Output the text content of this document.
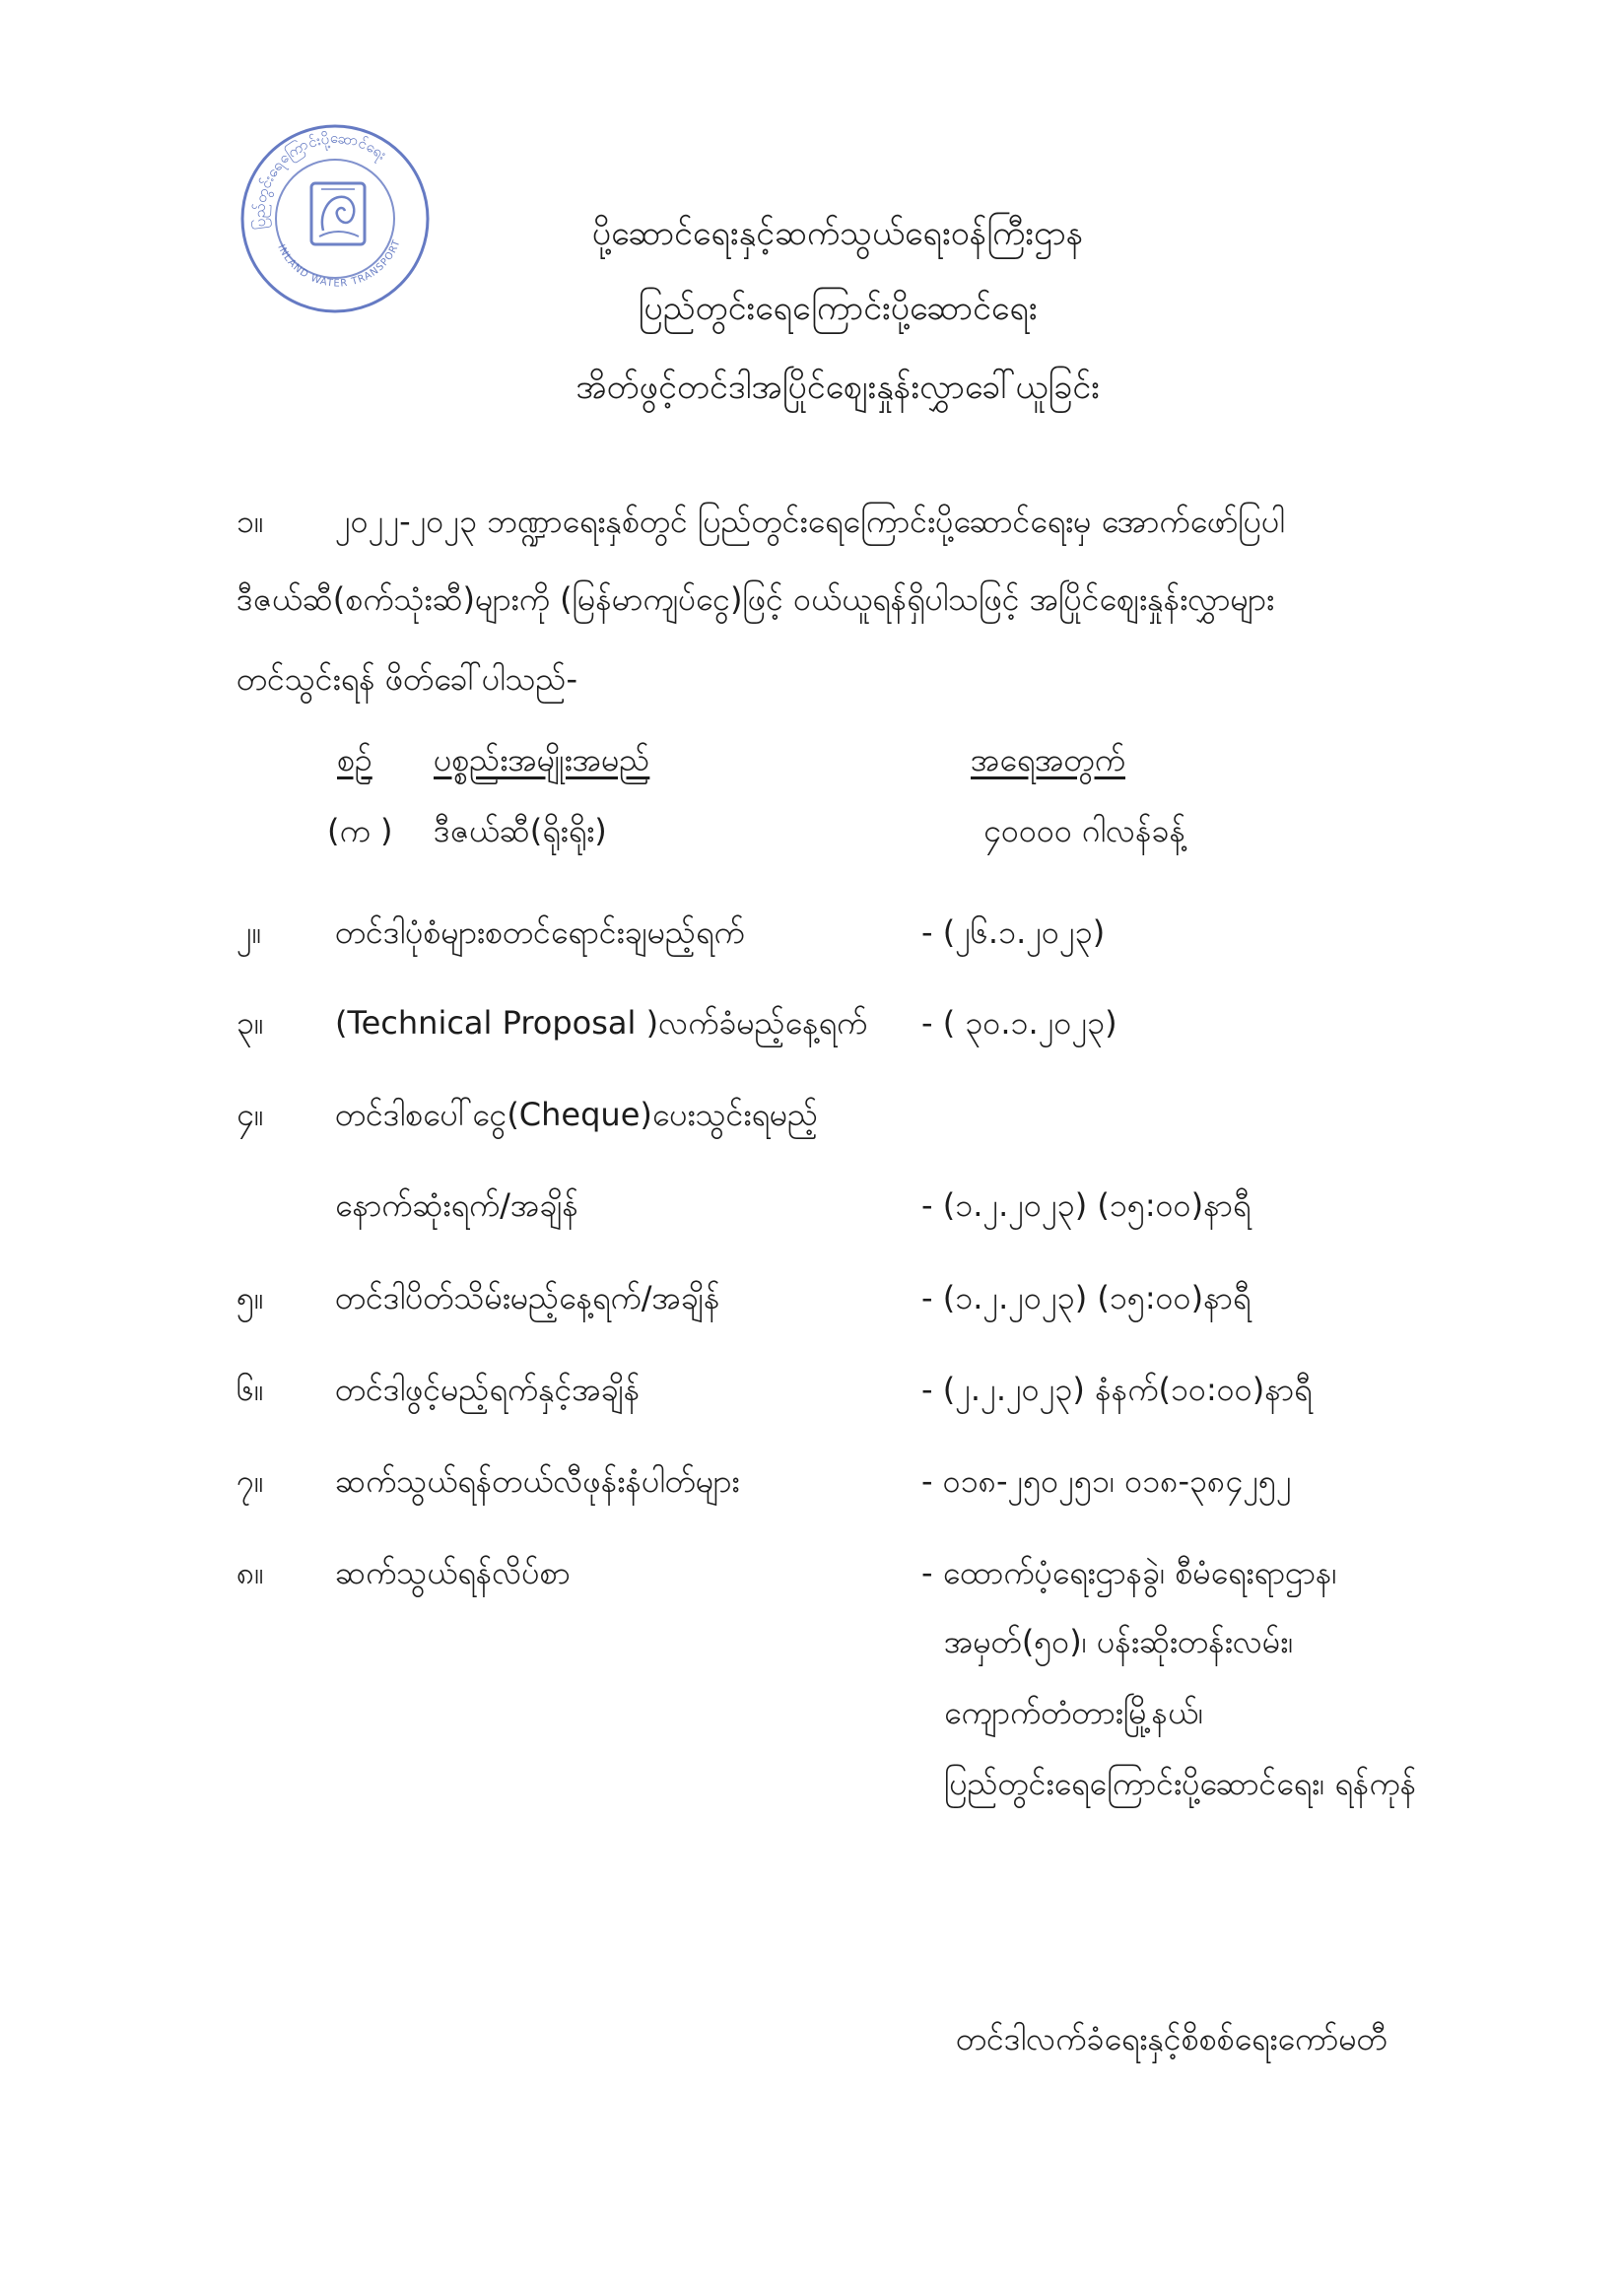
ပြည်တွင်းရေကြောင်းပို့ဆောင်ရေး
INLAND WATER TRANSPORT	ပို့ဆောင်ရေးနှင့်ဆက်သွယ်ရေးဝန်ကြီးဌာန
ပြည်တွင်းရေကြောင်းပို့ဆောင်ရေး
အိတ်ဖွင့်တင်ဒါအပြိုင်စျေးနှုန်းလွှာခေါ်ယူခြင်း
၁။ ၂၀၂၂-၂၀၂၃ ဘဏ္ဍာရေးနှစ်တွင် ပြည်တွင်းရေကြောင်းပို့ဆောင်ရေးမှ အောက်ဖော်ပြပါ
ဒီဇယ်ဆီ(စက်သုံးဆီ)များကို (မြန်မာကျပ်ငွေ)ဖြင့် ဝယ်ယူရန်ရှိပါသဖြင့် အပြိုင်စျေးနှုန်းလွှာများ
တင်သွင်းရန် ဖိတ်ခေါ်ပါသည်-
စဉ် ပစ္စည်းအမျိုးအမည်	အရေအတွက်
(က ) ဒီဇယ်ဆီ(ရိုးရိုး)	၄၀၀၀၀ ဂါလန်ခန့်
၂။ တင်ဒါပုံစံများစတင်ရောင်းချမည့်ရက်	- (၂၆.၁.၂၀၂၃)
၃။ (Technical Proposal )လက်ခံမည့်နေ့ရက် - ( ၃၀.၁.၂၀၂၃)
၄။ တင်ဒါစပေါ်ငွေ(Cheque)ပေးသွင်းရမည့်
နောက်ဆုံးရက်/အချိန်	- (၁.၂.၂၀၂၃) (၁၅:၀၀)နာရီ
၅။ တင်ဒါပိတ်သိမ်းမည့်နေ့ရက်/အချိန်	- (၁.၂.၂၀၂၃) (၁၅:၀၀)နာရီ
၆။ တင်ဒါဖွင့်မည့်ရက်နှင့်အချိန်	- (၂.၂.၂၀၂၃) နံနက်(၁၀:၀၀)နာရီ
၇။ ဆက်သွယ်ရန်တယ်လီဖုန်းနံပါတ်များ	- ၀၁၈-၂၅၀၂၅၁၊ ၀၁၈-၃၈၄၂၅၂
၈။ ဆက်သွယ်ရန်လိပ်စာ	- ထောက်ပံ့ရေးဌာနခွဲ၊ စီမံရေးရာဌာန၊
အမှတ်(၅၀)၊ ပန်းဆိုးတန်းလမ်း၊
ကျောက်တံတားမြို့နယ်၊
ပြည်တွင်းရေကြောင်းပို့ဆောင်ရေး၊ ရန်ကုန်
တင်ဒါလက်ခံရေးနှင့်စိစစ်ရေးကော်မတီ
